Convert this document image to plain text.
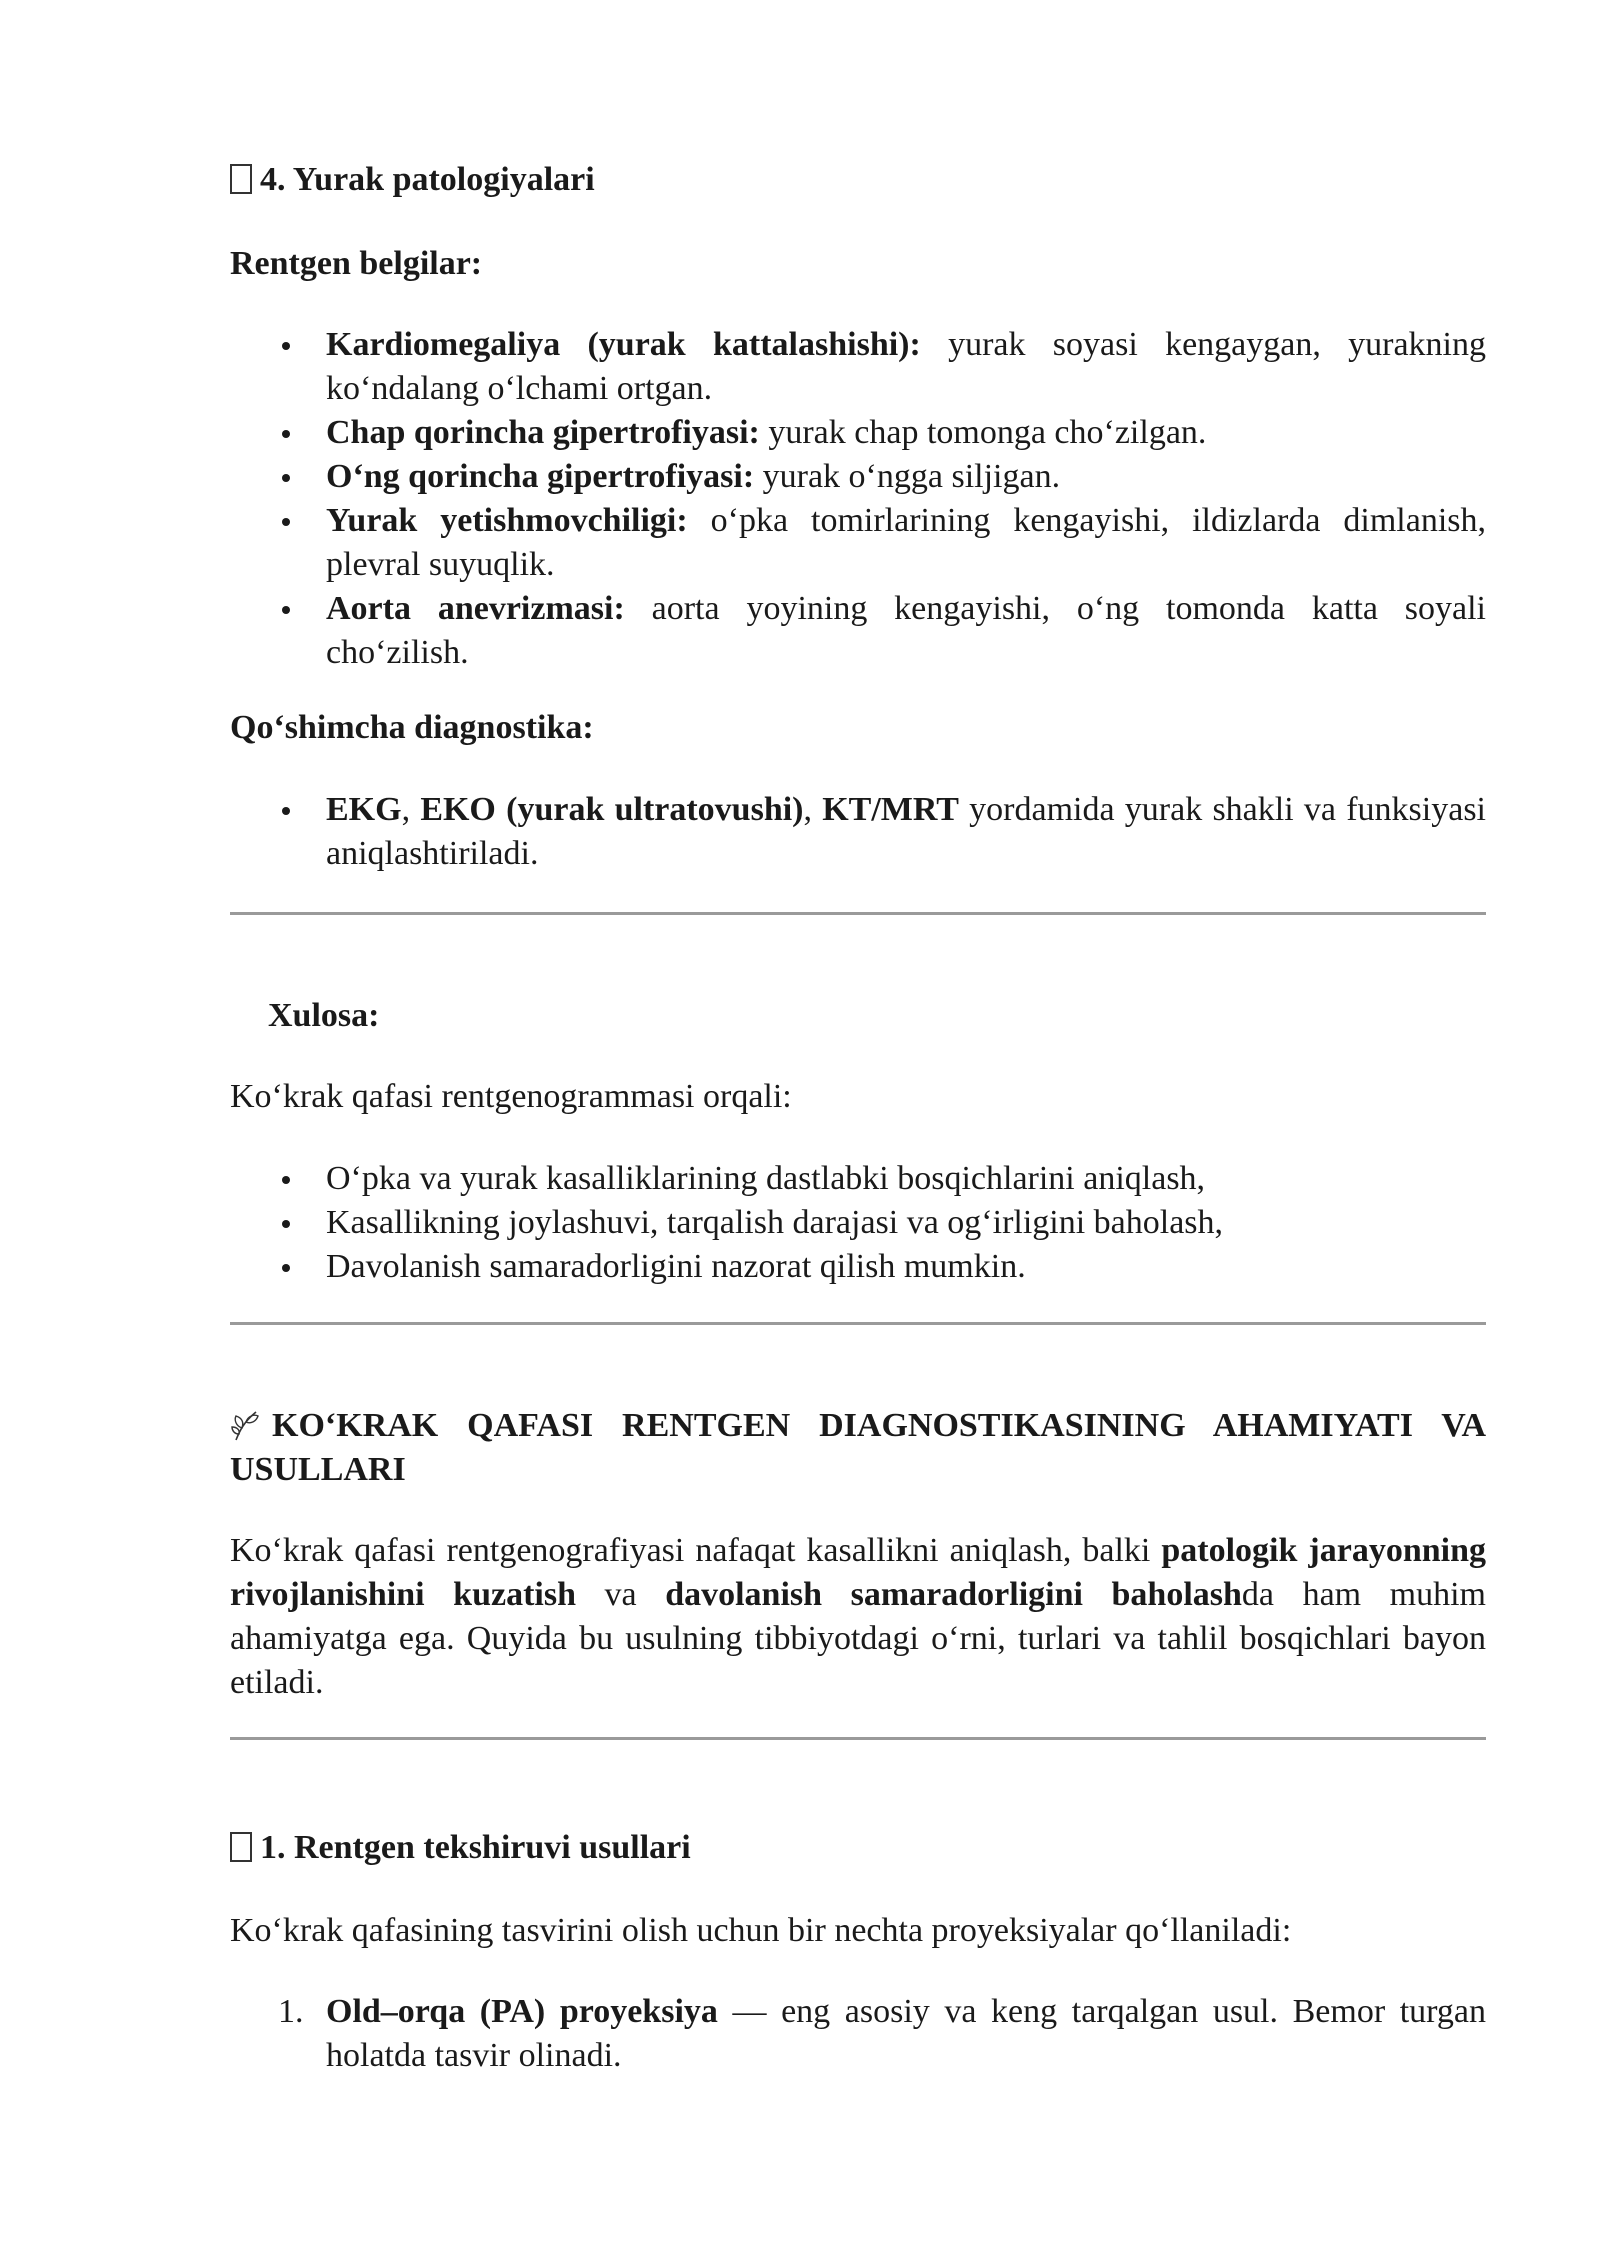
4. Yurak patologiyalari

Rentgen belgilar:

Kardiomegaliya (yurak kattalashishi): yurak soyasi kengaygan, yurakning ko‘ndalang o‘lchami ortgan.
Chap qorincha gipertrofiyasi: yurak chap tomonga cho‘zilgan.
O‘ng qorincha gipertrofiyasi: yurak o‘ngga siljigan.
Yurak yetishmovchiligi: o‘pka tomirlarining kengayishi, ildizlarda dimlanish, plevral suyuqlik.
Aorta anevrizmasi: aorta yoyining kengayishi, o‘ng tomonda katta soyali cho‘zilish.

Qo‘shimcha diagnostika:

EKG, EKO (yurak ultratovushi), KT/MRT yordamida yurak shakli va funksiyasi aniqlashtiriladi.

Xulosa:

Ko‘krak qafasi rentgenogrammasi orqali:

O‘pka va yurak kasalliklarining dastlabki bosqichlarini aniqlash,
Kasallikning joylashuvi, tarqalish darajasi va og‘irligini baholash,
Davolanish samaradorligini nazorat qilish mumkin.

KO‘KRAK QAFASI RENTGEN DIAGNOSTIKASINING AHAMIYATI VA USULLARI

Ko‘krak qafasi rentgenografiyasi nafaqat kasallikni aniqlash, balki patologik jarayonning rivojlanishini kuzatish va davolanish samaradorligini baholashda ham muhim ahamiyatga ega. Quyida bu usulning tibbiyotdagi o‘rni, turlari va tahlil bosqichlari bayon etiladi.

1. Rentgen tekshiruvi usullari

Ko‘krak qafasining tasvirini olish uchun bir nechta proyeksiyalar qo‘llaniladi:

1. Old–orqa (PA) proyeksiya — eng asosiy va keng tarqalgan usul. Bemor turgan holatda tasvir olinadi.
